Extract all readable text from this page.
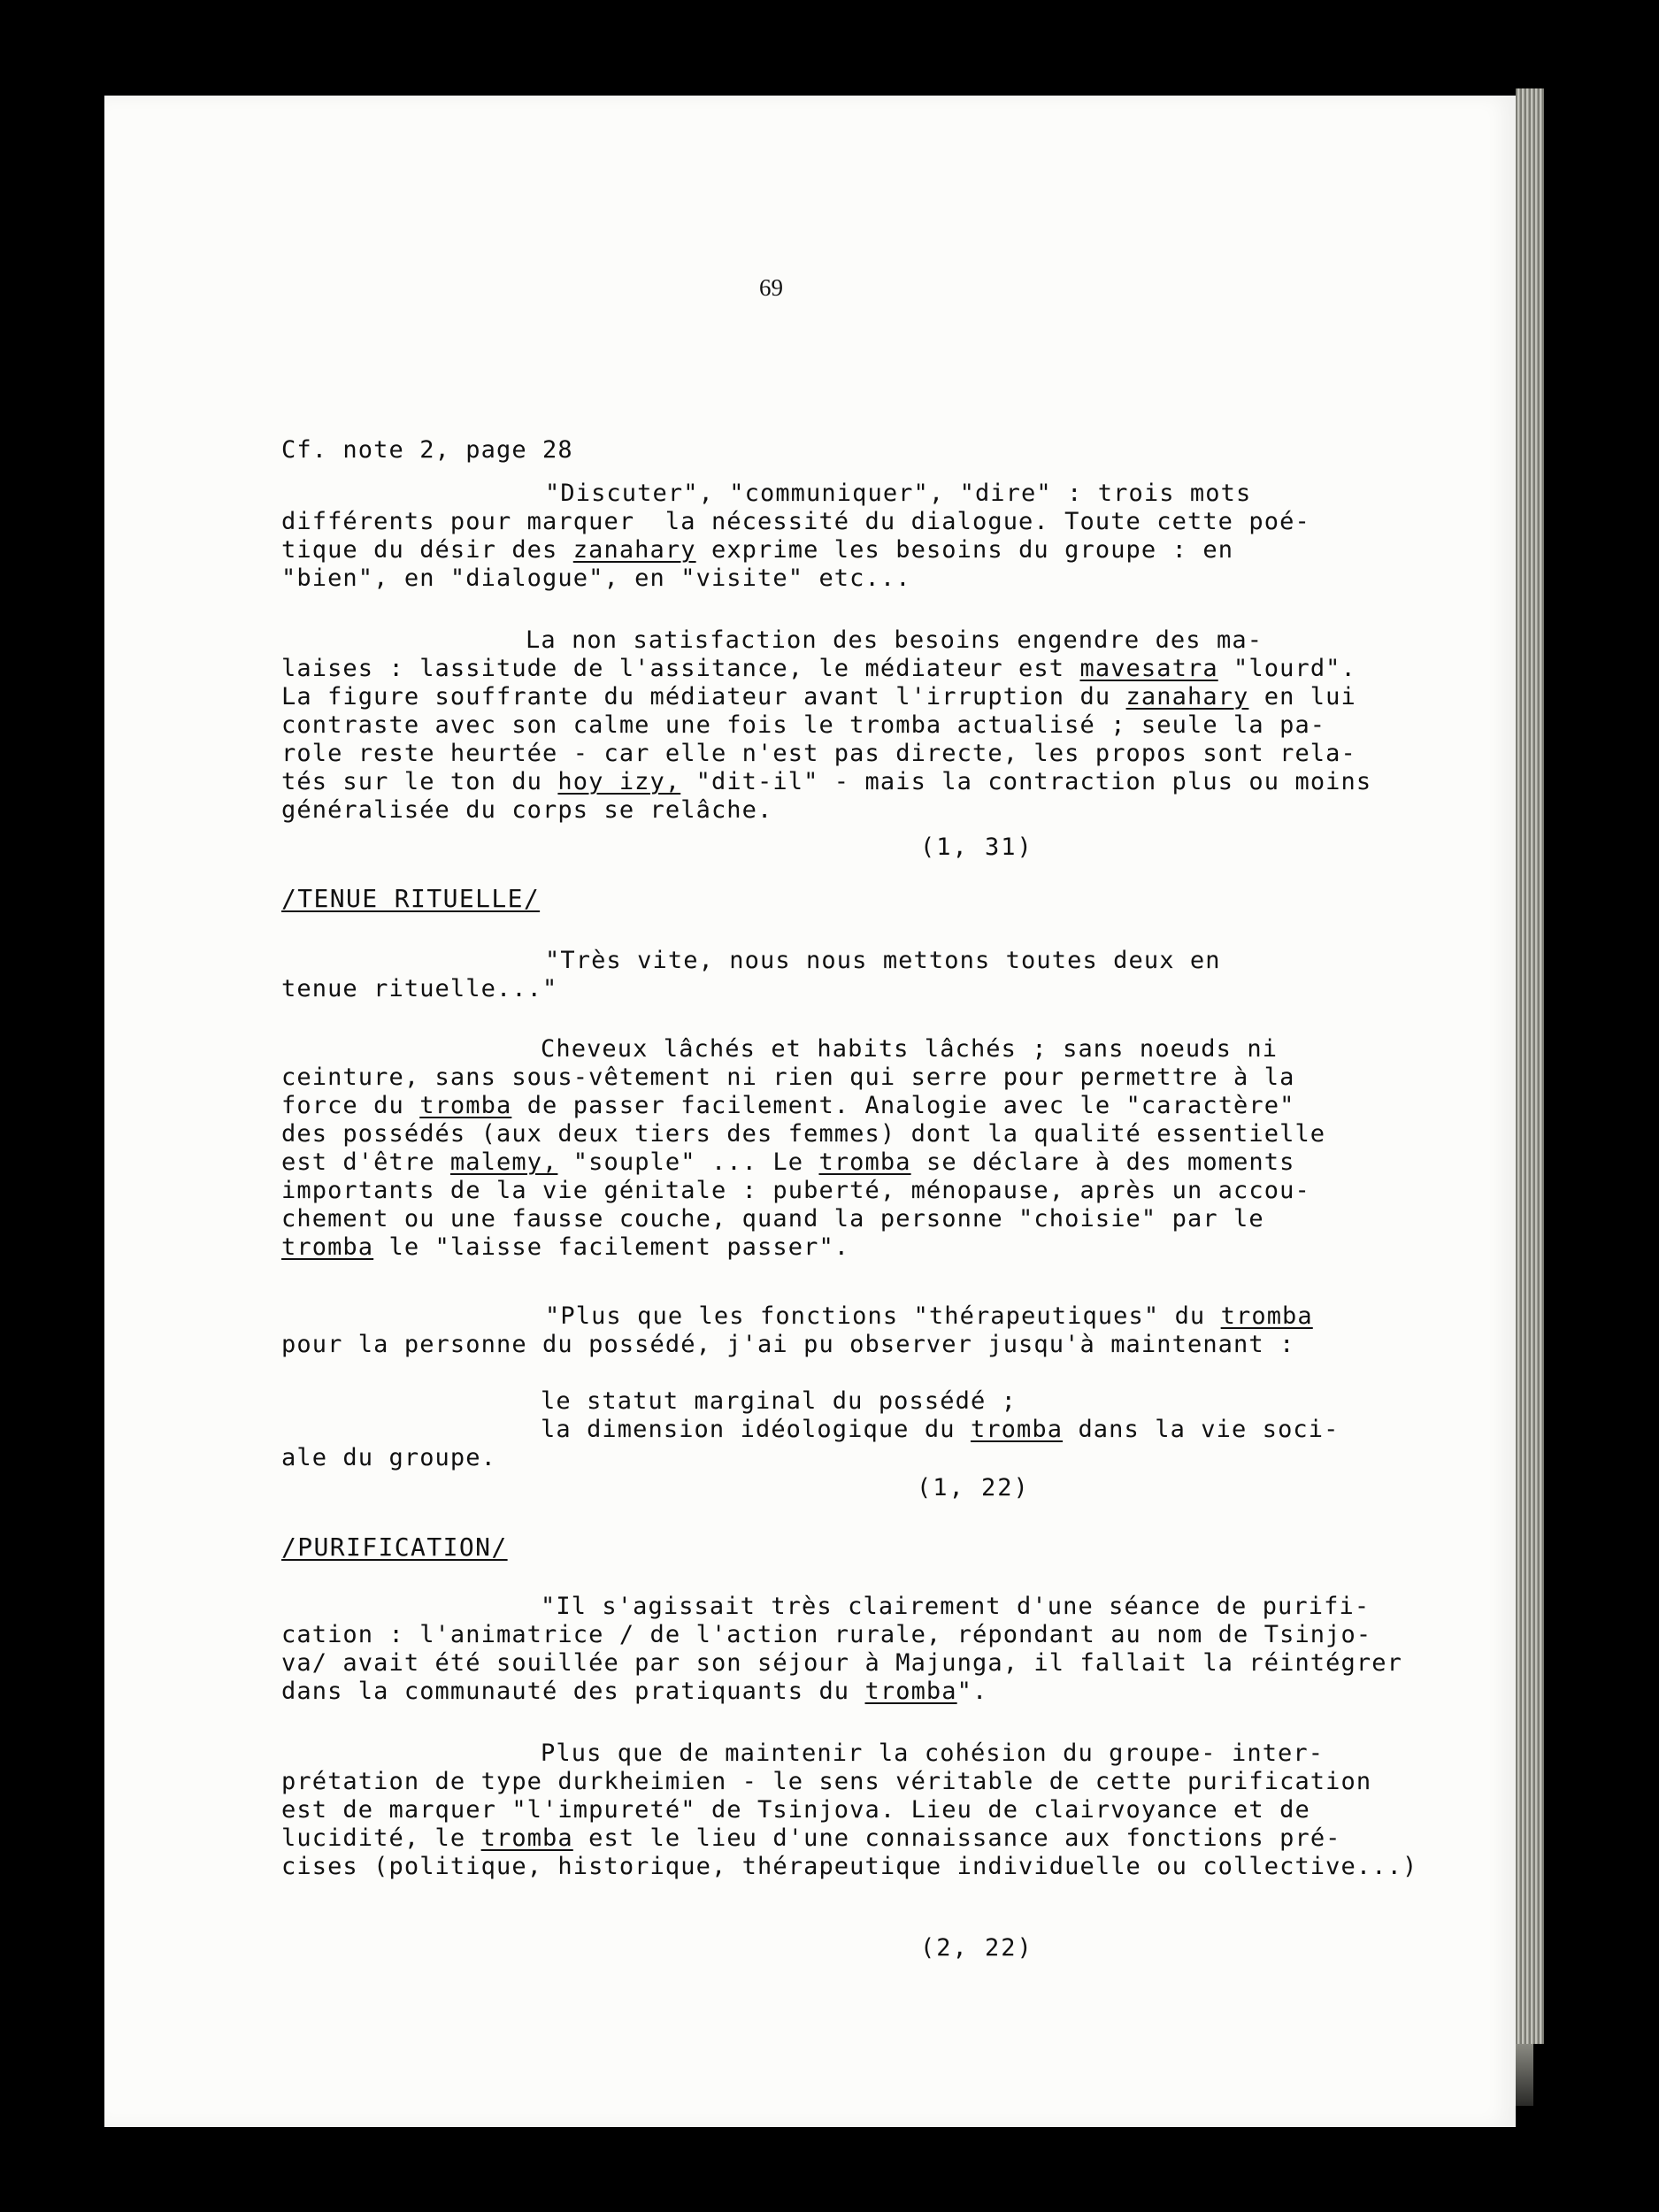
69
Cf. note 2, page 28
"Discuter", "communiquer", "dire" : trois mots
différents pour marquer  la nécessité du dialogue. Toute cette poé-
tique du désir des zanahary exprime les besoins du groupe : en
"bien", en "dialogue", en "visite" etc...
La non satisfaction des besoins engendre des ma-
laises : lassitude de l'assitance, le médiateur est mavesatra "lourd".
La figure souffrante du médiateur avant l'irruption du zanahary en lui
contraste avec son calme une fois le tromba actualisé ; seule la pa-
role reste heurtée - car elle n'est pas directe, les propos sont rela-
tés sur le ton du hoy izy, "dit-il" - mais la contraction plus ou moins
généralisée du corps se relâche.
(1, 31)
/TENUE RITUELLE/
"Très vite, nous nous mettons toutes deux en
tenue rituelle..."
Cheveux lâchés et habits lâchés ; sans noeuds ni
ceinture, sans sous-vêtement ni rien qui serre pour permettre à la
force du tromba de passer facilement. Analogie avec le "caractère"
des possédés (aux deux tiers des femmes) dont la qualité essentielle
est d'être malemy, "souple" ... Le tromba se déclare à des moments
importants de la vie génitale : puberté, ménopause, après un accou-
chement ou une fausse couche, quand la personne "choisie" par le
tromba le "laisse facilement passer".
"Plus que les fonctions "thérapeutiques" du tromba
pour la personne du possédé, j'ai pu observer jusqu'à maintenant :
le statut marginal du possédé ;
la dimension idéologique du tromba dans la vie soci-
ale du groupe.
(1, 22)
/PURIFICATION/
"Il s'agissait très clairement d'une séance de purifi-
cation : l'animatrice / de l'action rurale, répondant au nom de Tsinjo-
va/ avait été souillée par son séjour à Majunga, il fallait la réintégrer
dans la communauté des pratiquants du tromba".
Plus que de maintenir la cohésion du groupe- inter-
prétation de type durkheimien - le sens véritable de cette purification
est de marquer "l'impureté" de Tsinjova. Lieu de clairvoyance et de
lucidité, le tromba est le lieu d'une connaissance aux fonctions pré-
cises (politique, historique, thérapeutique individuelle ou collective...)
(2, 22)
